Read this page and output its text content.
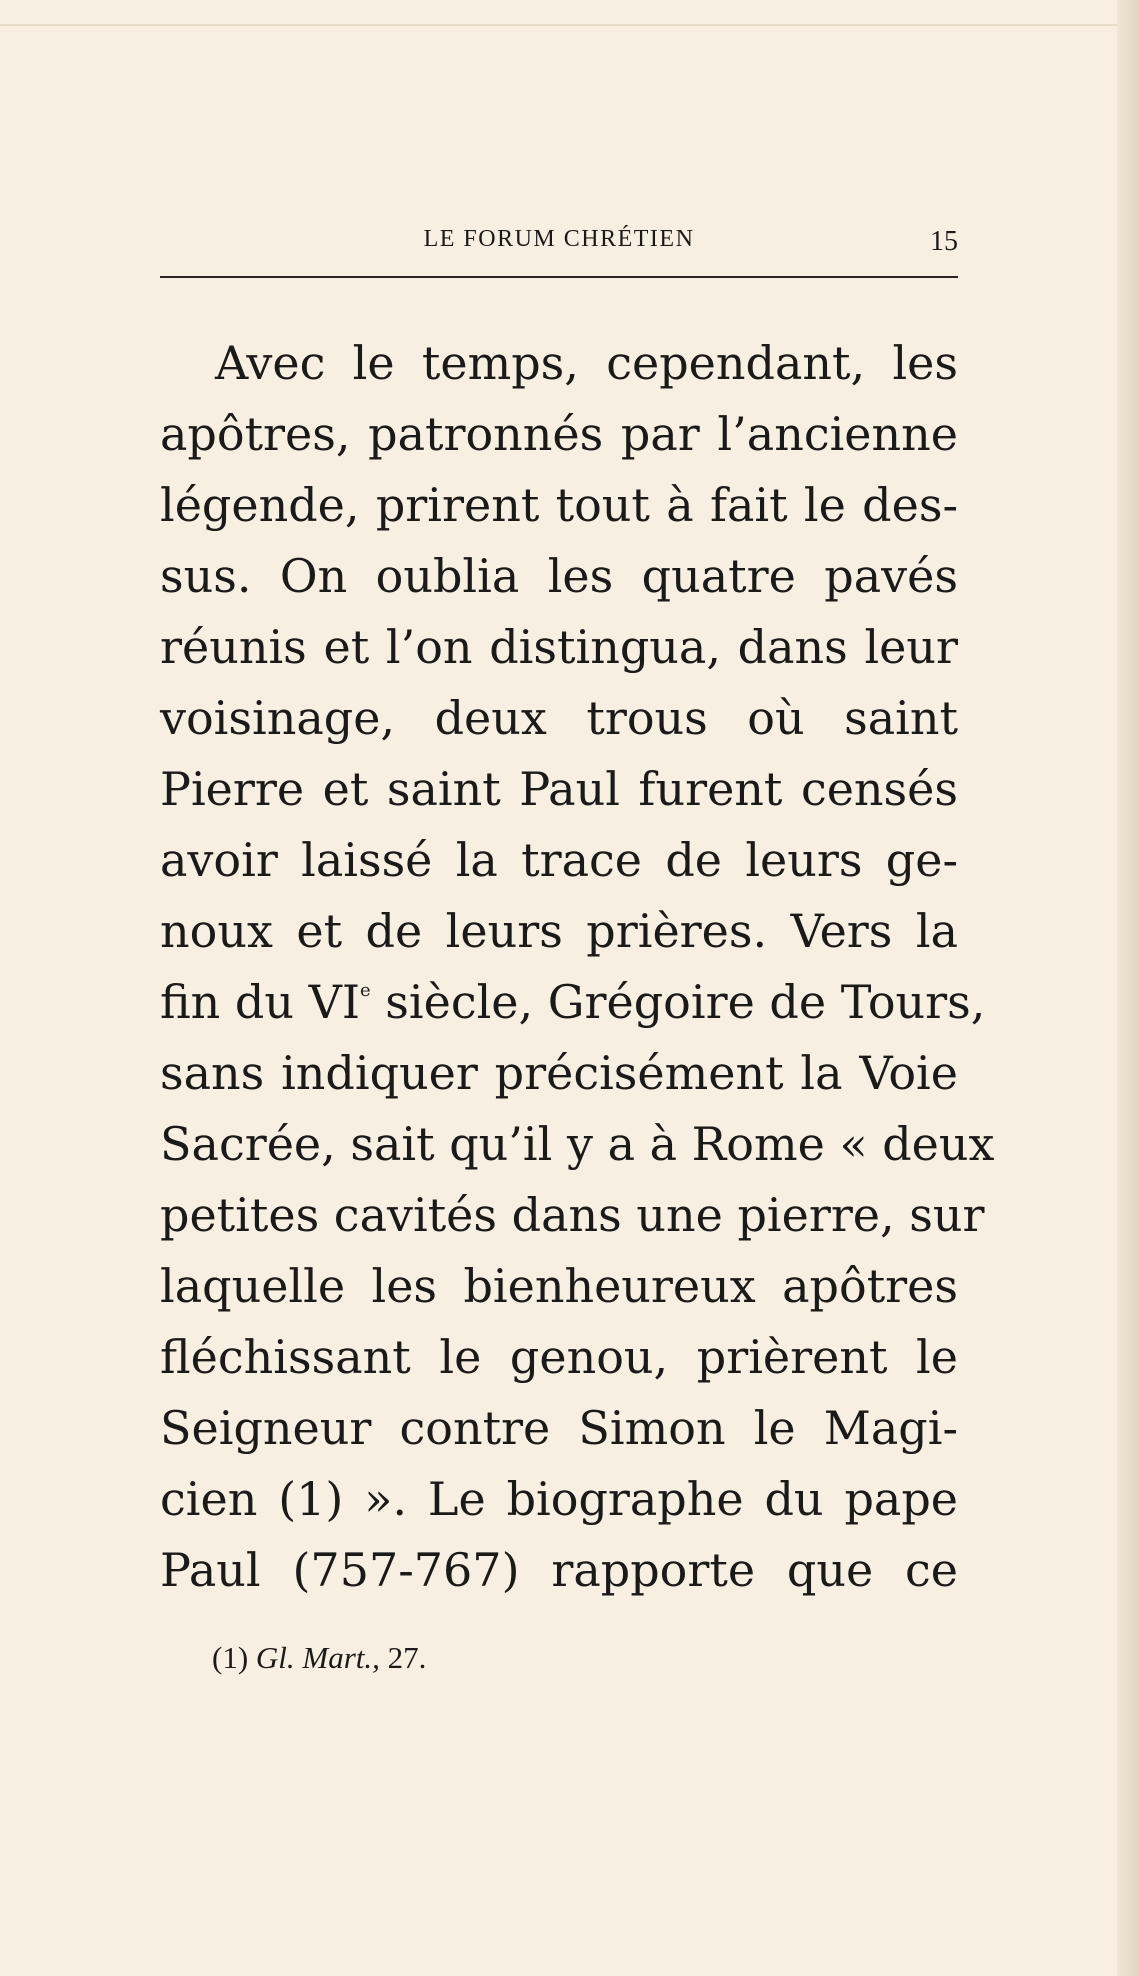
LE FORUM CHRÉTIEN	15
Avec le temps, cependant, les
apôtres, patronnés par l’ancienne
légende, prirent tout à fait le des-
sus. On oublia les quatre pavés
réunis et l’on distingua, dans leur
voisinage, deux trous où saint
Pierre et saint Paul furent censés
avoir laissé la trace de leurs ge-
noux et de leurs prières. Vers la
fin du VIe siècle, Grégoire de Tours,
sans indiquer précisément la Voie
Sacrée, sait qu’il y a à Rome « deux
petites cavités dans une pierre, sur
laquelle les bienheureux apôtres
fléchissant le genou, prièrent le
Seigneur contre Simon le Magi-
cien (1) ». Le biographe du pape
Paul (757-767) rapporte que ce

(1) Gl. Mart., 27.
